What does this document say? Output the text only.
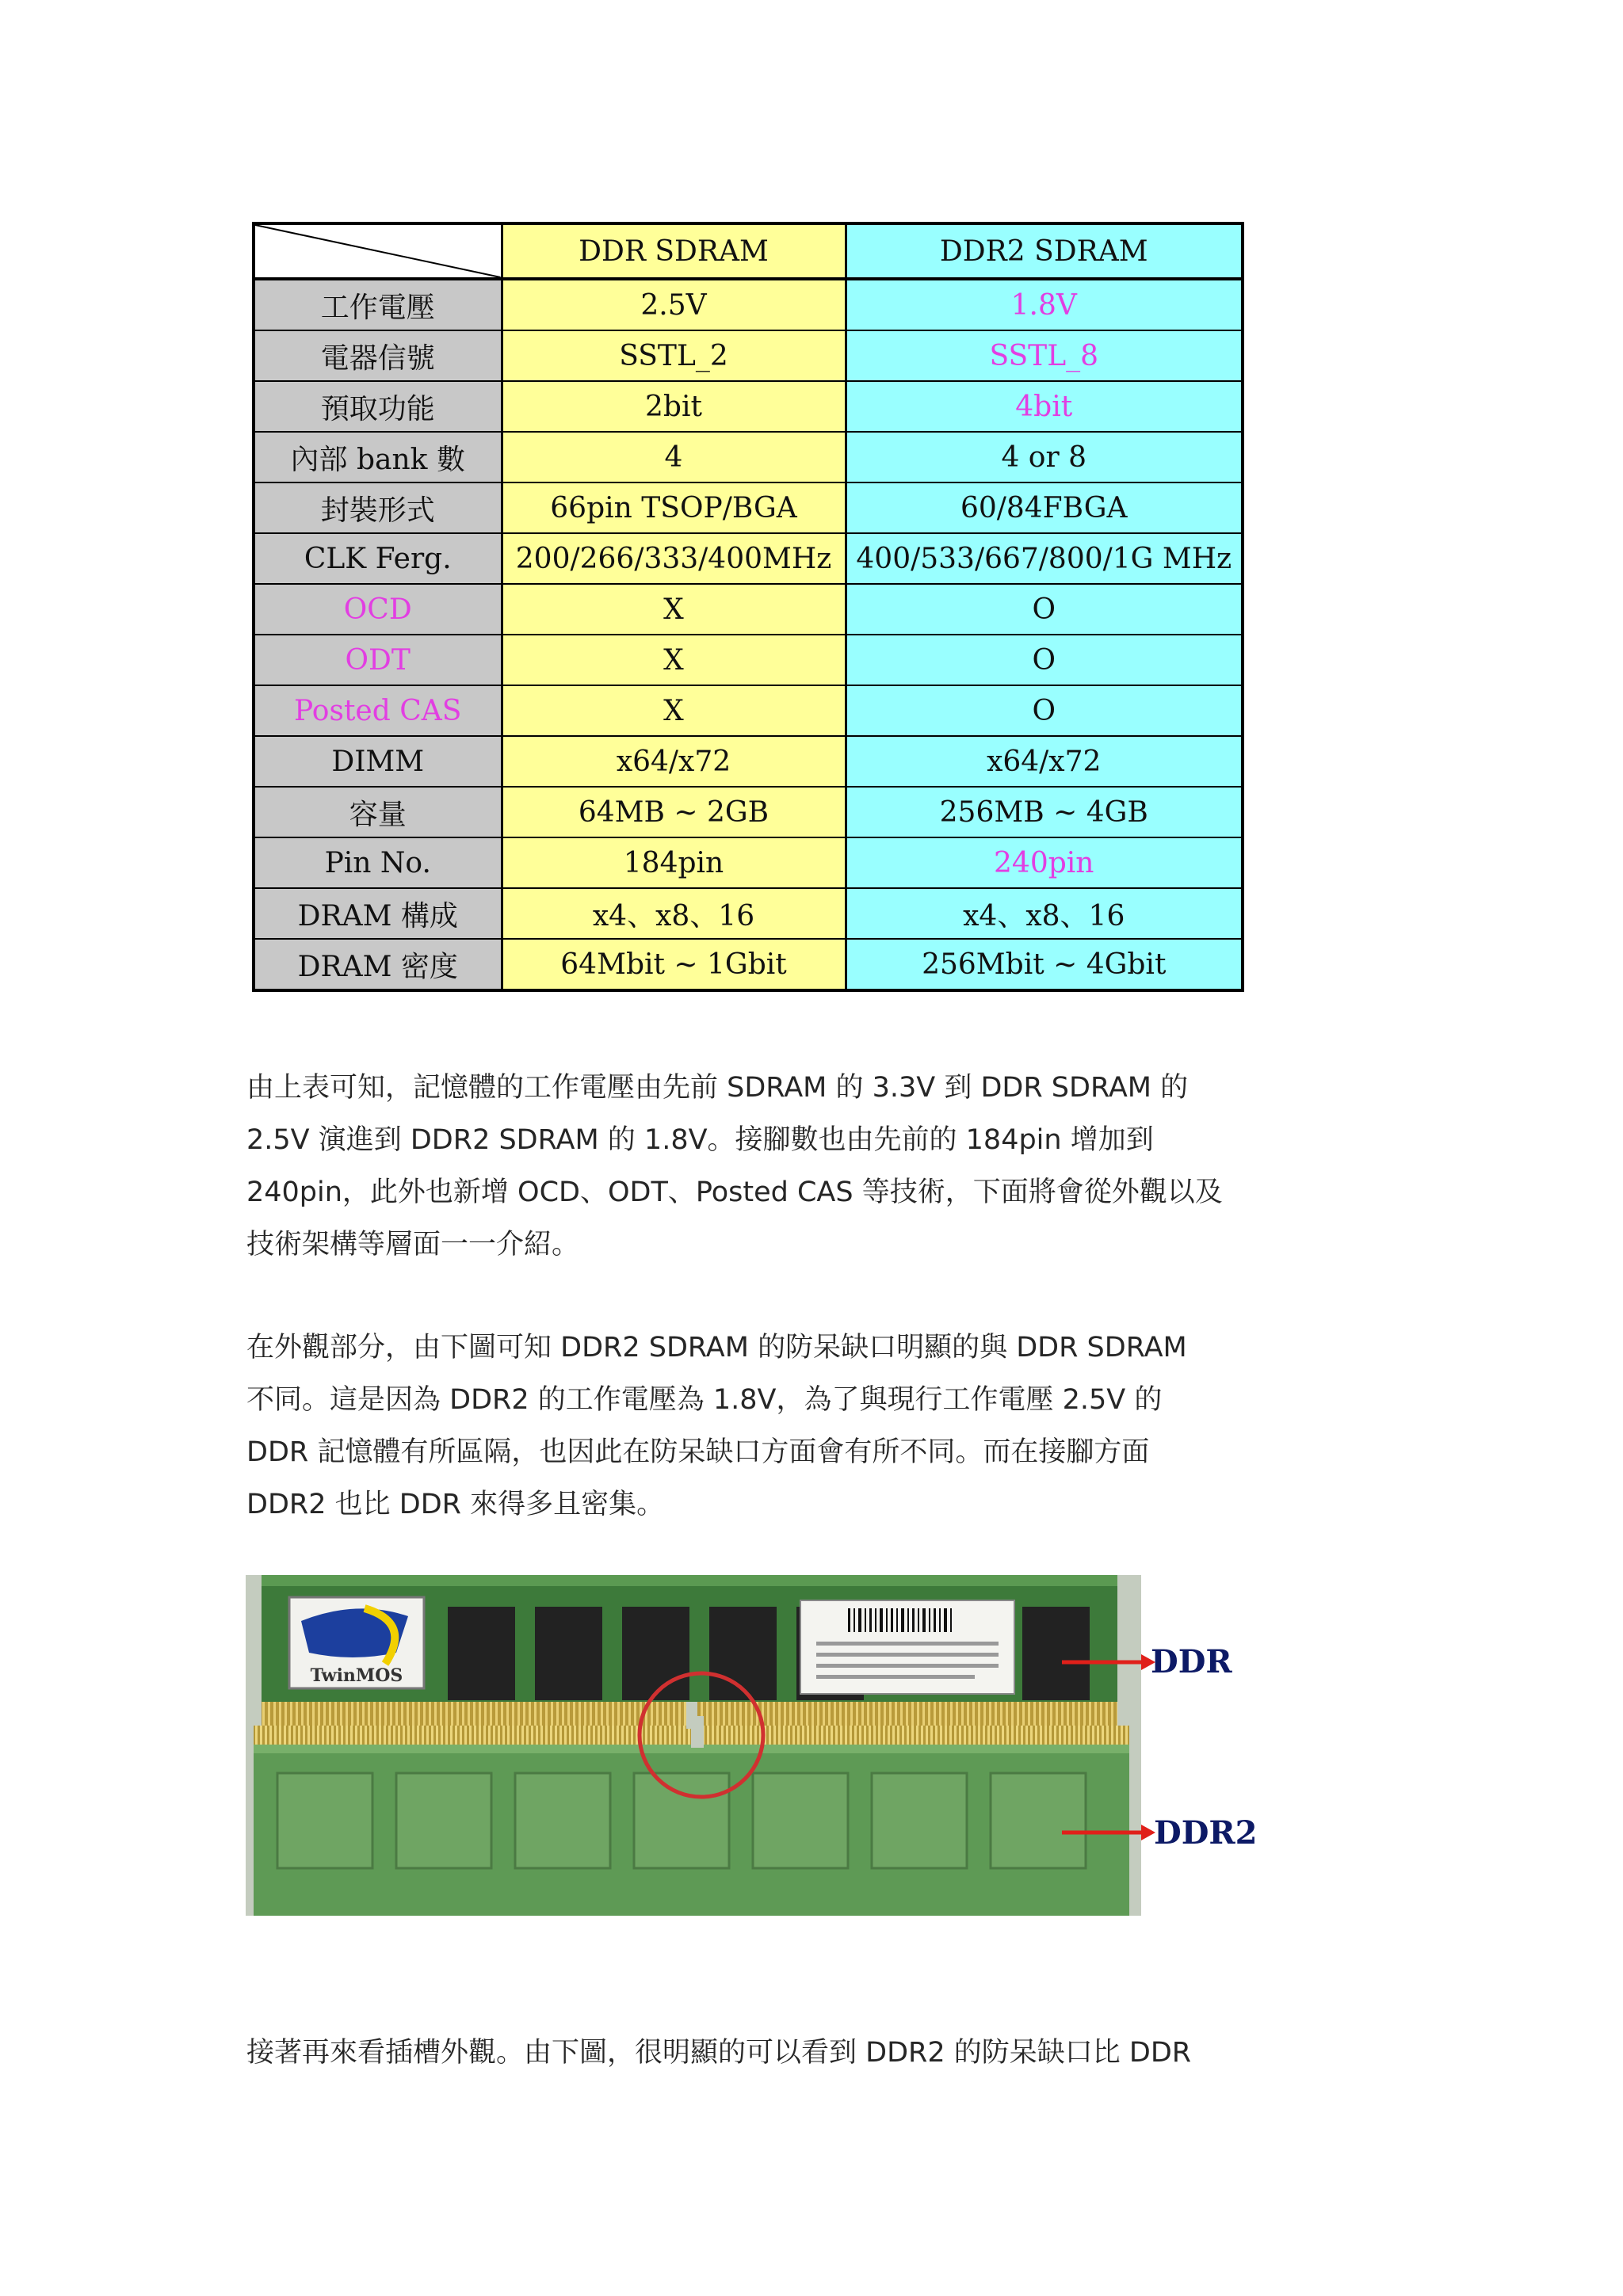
	DDR SDRAM	DDR2 SDRAM
工作電壓	2.5V	1.8V
電器信號	SSTL_2	SSTL_8
預取功能	2bit	4bit
內部 bank 數	4	4 or 8
封裝形式	66pin TSOP/BGA	60/84FBGA
CLK Ferg.	200/266/333/400MHz	400/533/667/800/1G MHz
OCD	X	O
ODT	X	O
Posted CAS	X	O
DIMM	x64/x72	x64/x72
容量	64MB ~ 2GB	256MB ~ 4GB
Pin No.	184pin	240pin
DRAM 構成	x4、x8、16	x4、x8、16
DRAM 密度	64Mbit ~ 1Gbit	256Mbit ~ 4Gbit

由上表可知，記憶體的工作電壓由先前 SDRAM 的 3.3V 到 DDR SDRAM 的
2.5V 演進到 DDR2 SDRAM 的 1.8V。接腳數也由先前的 184pin 增加到
240pin，此外也新增 OCD、ODT、Posted CAS 等技術，下面將會從外觀以及
技術架構等層面一一介紹。

在外觀部分，由下圖可知 DDR2 SDRAM 的防呆缺口明顯的與 DDR SDRAM
不同。這是因為 DDR2 的工作電壓為 1.8V，為了與現行工作電壓 2.5V 的
DDR 記憶體有所區隔，也因此在防呆缺口方面會有所不同。而在接腳方面
DDR2 也比 DDR 來得多且密集。

TwinMOS	DDR
DDR2

接著再來看插槽外觀。由下圖，很明顯的可以看到 DDR2 的防呆缺口比 DDR
